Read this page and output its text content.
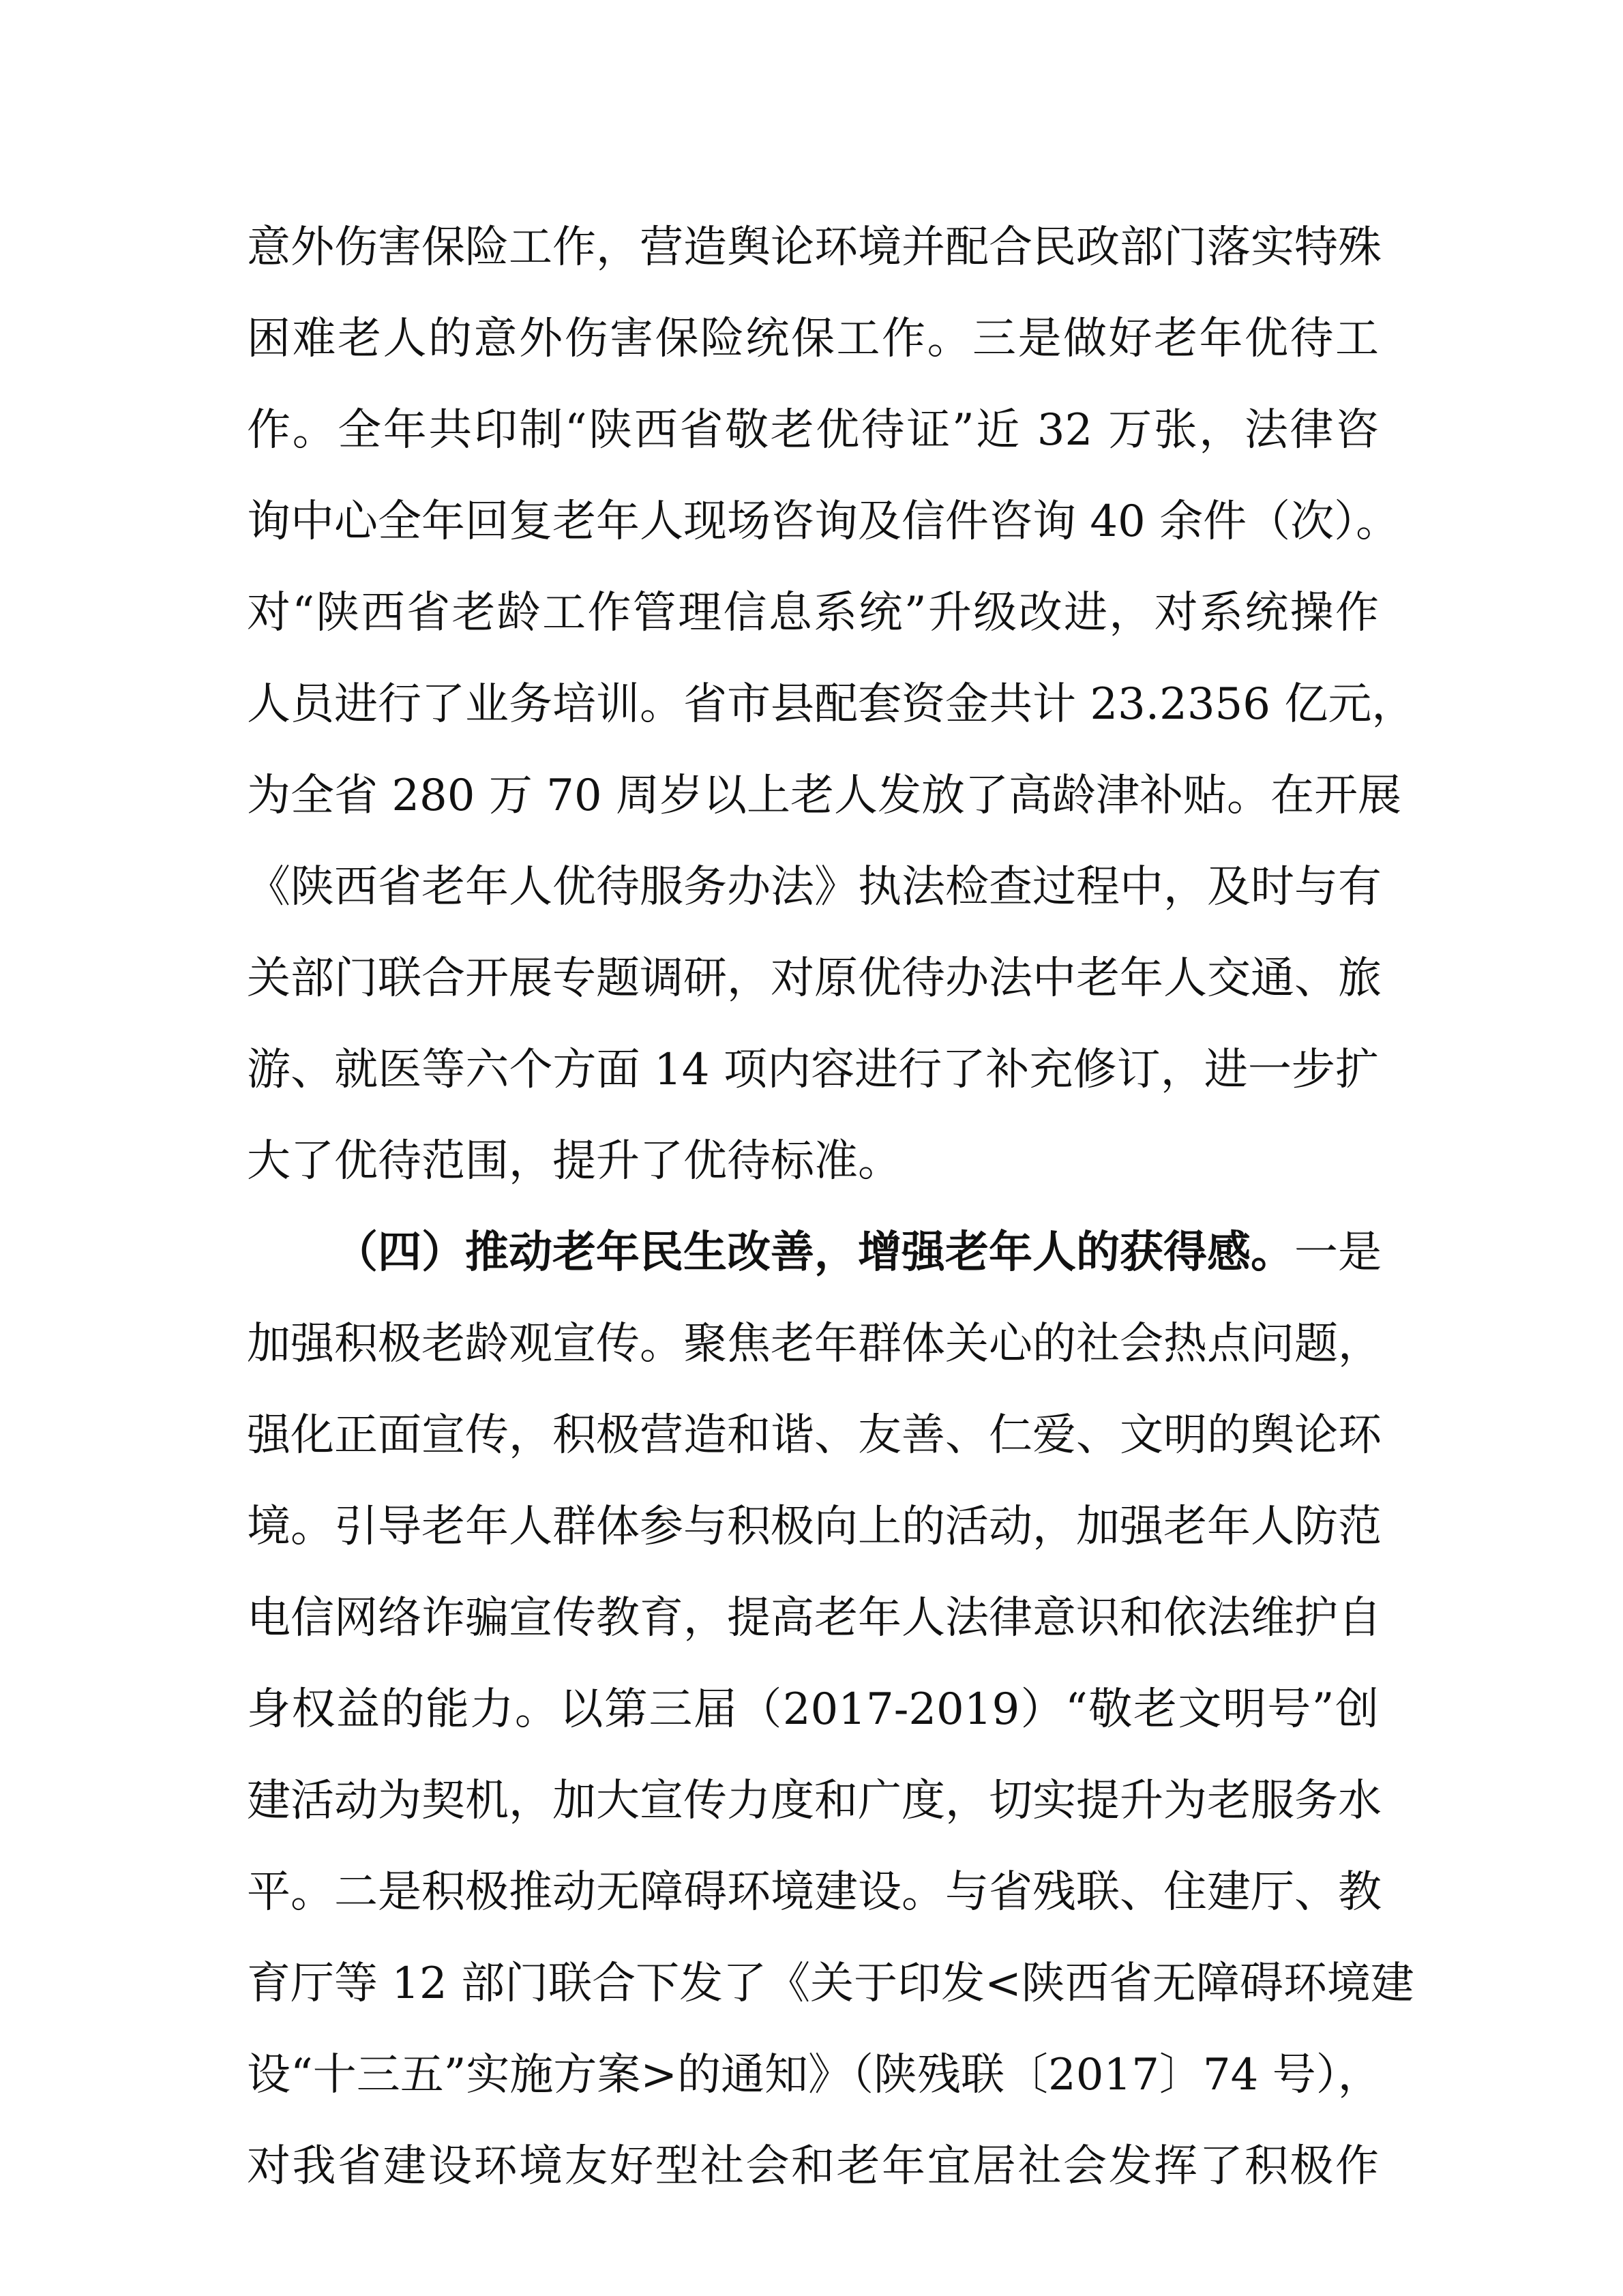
意外伤害保险工作，营造舆论环境并配合民政部门落实特殊
困难老人的意外伤害保险统保工作。三是做好老年优待工
作。全年共印制“陕西省敬老优待证”近 32 万张，法律咨
询中心全年回复老年人现场咨询及信件咨询 40 余件（次）。
对“陕西省老龄工作管理信息系统”升级改进，对系统操作
人员进行了业务培训。省市县配套资金共计 23.2356 亿元，
为全省 280 万 70 周岁以上老人发放了高龄津补贴。在开展
《陕西省老年人优待服务办法》执法检查过程中，及时与有
关部门联合开展专题调研，对原优待办法中老年人交通、旅
游、就医等六个方面 14 项内容进行了补充修订，进一步扩
大了优待范围，提升了优待标准。
（四）推动老年民生改善，增强老年人的获得感。一是
加强积极老龄观宣传。聚焦老年群体关心的社会热点问题，
强化正面宣传，积极营造和谐、友善、仁爱、文明的舆论环
境。引导老年人群体参与积极向上的活动，加强老年人防范
电信网络诈骗宣传教育，提高老年人法律意识和依法维护自
身权益的能力。以第三届（2017-2019）“敬老文明号”创
建活动为契机，加大宣传力度和广度，切实提升为老服务水
平。二是积极推动无障碍环境建设。与省残联、住建厅、教
育厅等 12 部门联合下发了《关于印发<陕西省无障碍环境建
设“十三五”实施方案>的通知》（陕残联〔2017〕74 号），
对我省建设环境友好型社会和老年宜居社会发挥了积极作
